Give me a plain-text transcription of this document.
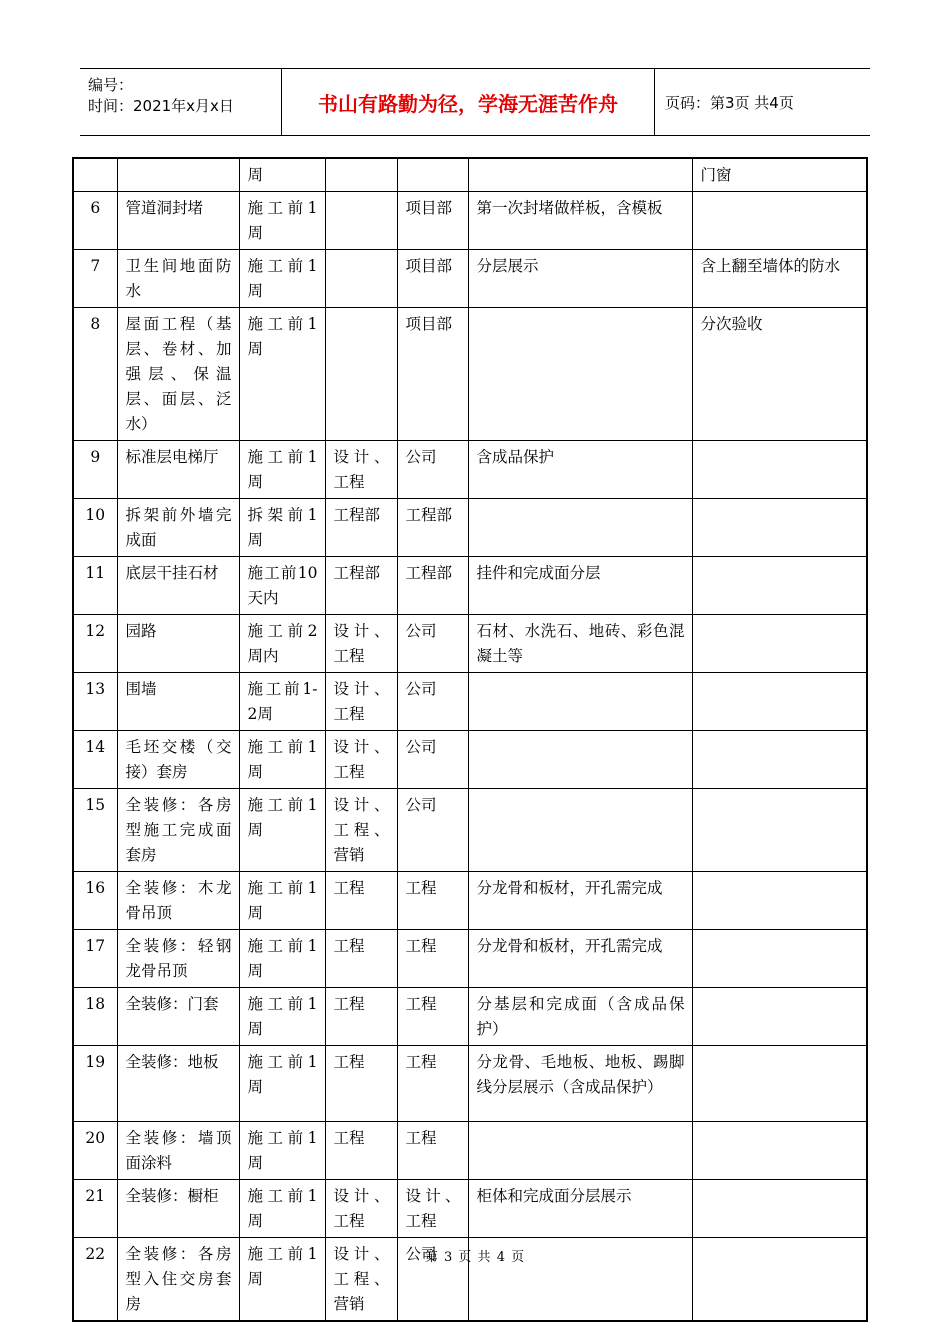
编号：
时间：2021年x月x日	书山有路勤为径，学海无涯苦作舟	页码：第3页 共4页
		周				门窗
6	管道洞封堵	施工前1周		项目部	第一次封堵做样板，含模板	
7	卫生间地面防水	施工前1周		项目部	分层展示	含上翻至墙体的防水
8	屋面工程（基层、卷材、加强层、保温层、面层、泛水）	施工前1周		项目部		分次验收
9	标准层电梯厅	施工前1周	设计、工程	公司	含成品保护	
10	拆架前外墙完成面	拆架前1周	工程部	工程部		
11	底层干挂石材	施工前10天内	工程部	工程部	挂件和完成面分层	
12	园路	施工前2周内	设计、工程	公司	石材、水洗石、地砖、彩色混凝土等	
13	围墙	施工前1-2周	设计、工程	公司		
14	毛坯交楼（交接）套房	施工前1周	设计、工程	公司		
15	全装修：各房型施工完成面套房	施工前1周	设计、工程、营销	公司		
16	全装修：木龙骨吊顶	施工前1周	工程	工程	分龙骨和板材，开孔需完成	
17	全装修：轻钢龙骨吊顶	施工前1周	工程	工程	分龙骨和板材，开孔需完成	
18	全装修：门套	施工前1周	工程	工程	分基层和完成面（含成品保护）	
19	全装修：地板	施工前1周	工程	工程	分龙骨、毛地板、地板、踢脚线分层展示（含成品保护）	
20	全装修：墙顶面涂料	施工前1周	工程	工程		
21	全装修：橱柜	施工前1周	设计、工程	设计、工程	柜体和完成面分层展示	
22	全装修：各房型入住交房套房	施工前1周	设计、工程、营销	公司		
第 3 页 共 4 页
